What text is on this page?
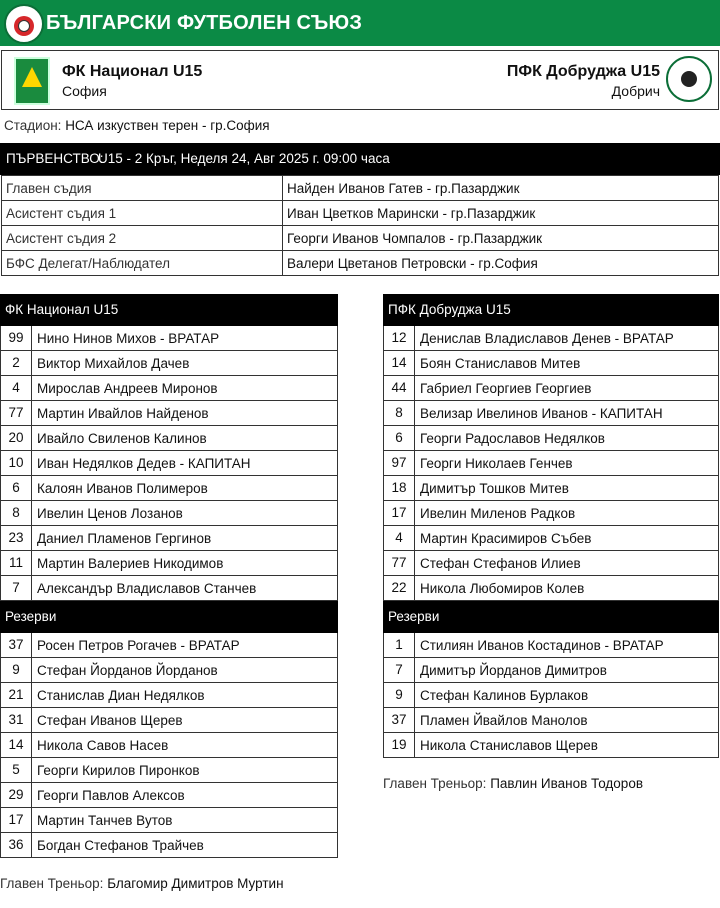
БЪЛГАРСКИ ФУТБОЛЕН СЪЮЗ
ФК Национал U15
София
ПФК Добруджа U15
Добрич
Стадион: НСА изкуствен терен - гр.София
ПЪРВЕНСТВО:
U15 - 2 Кръг, Неделя 24, Авг 2025 г. 09:00 часа
Главен съдия	Найден Иванов Гатев - гр.Пазарджик
Асистент съдия 1	Иван Цветков Марински - гр.Пазарджик
Асистент съдия 2	Георги Иванов Чомпалов - гр.Пазарджик
БФС Делегат/Наблюдател	Валери Цветанов Петровски - гр.София
ФК Национал U15
99 Нино Нинов Михов - ВРАТАР
2	Виктор Михайлов Дачев
4	Мирослав Андреев Миронов
77 Мартин Ивайлов Найденов
20 Ивайло Свиленов Калинов
10 Иван Недялков Дедев - КАПИТАН
6	Калоян Иванов Полимеров
8	Ивелин Ценов Лозанов
23 Даниел Пламенов Гергинов
11	Мартин Валериев Никодимов
7	Александър Владиславов Станчев
Резерви
37 Росен Петров Рогачев - ВРАТАР
9	Стефан Йорданов Йорданов
21 Станислав Диан Недялков
31 Стефан Иванов Щерев
14 Никола Савов Насев
5	Георги Кирилов Пиронков
29 Георги Павлов Алексов
17 Мартин Танчев Вутов
36 Богдан Стефанов Трайчев
ПФК Добруджа U15
12 Денислав Владиславов Денев - ВРАТАР
14 Боян Станиславов Митев
44 Габриел Георгиев Георгиев
8	Велизар Ивелинов Иванов - КАПИТАН
6	Георги Радославов Недялков
97 Георги Николаев Генчев
18 Димитър Тошков Митев
17 Ивелин Миленов Радков
4	Мартин Красимиров Събев
77 Стефан Стефанов Илиев
22 Никола Любомиров Колев
Резерви
1	Стилиян Иванов Костадинов - ВРАТАР
7	Димитър Йорданов Димитров
9	Стефан Калинов Бурлаков
37 Пламен Йвайлов Манолов
19 Никола Станиславов Щерев
Главен Треньор: Благомир Димитров Муртин
Главен Треньор: Павлин Иванов Тодоров
